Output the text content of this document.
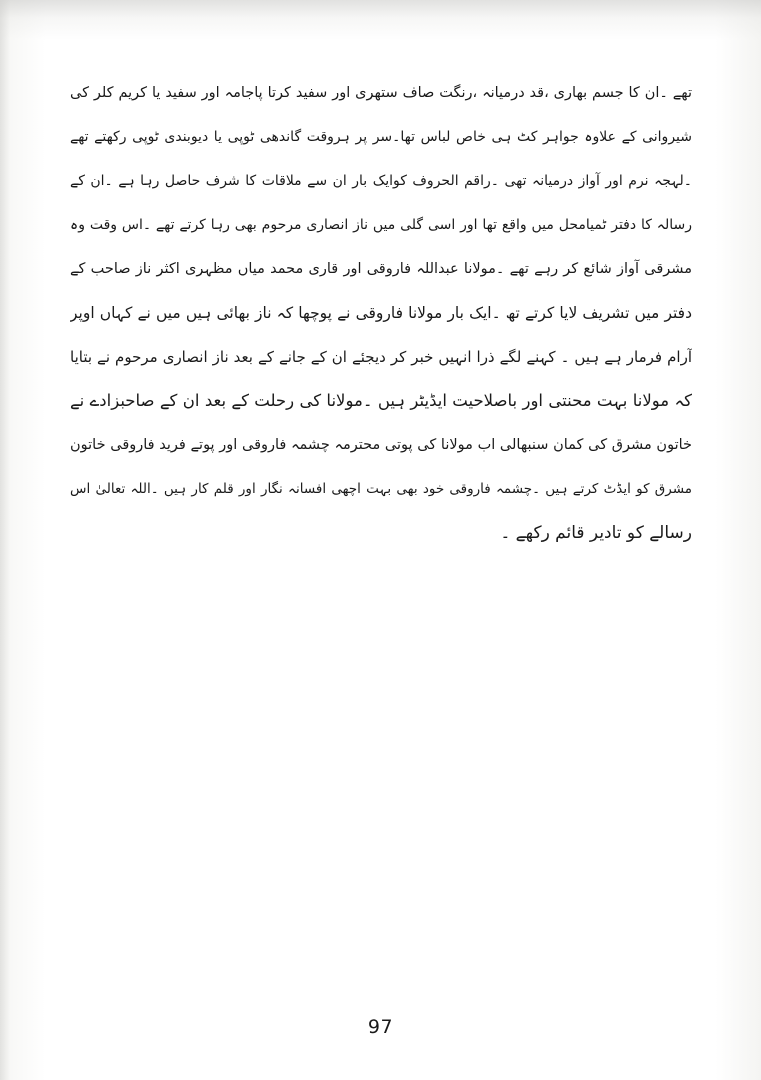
تھے ۔ان کا جسم بھاری ،قد درمیانہ ،رنگت صاف ستھری اور سفید کرتا پاجامہ اور سفید یا کریم کلر کی
شیروانی کے علاوہ جواہر کٹ ہی خاص لباس تھا۔سر پر ہروقت گاندھی ٹوپی یا دیوبندی ٹوپی رکھتے تھے
۔لہجہ نرم اور آواز درمیانہ تھی ۔راقم الحروف کوایک بار ان سے ملاقات کا شرف حاصل رہا ہے ۔ان کے
رسالہ کا دفتر ٹمیامحل میں واقع تھا اور اسی گلی میں ناز انصاری مرحوم بھی رہا کرتے تھے ۔اس وقت وہ
مشرقی آواز شائع کر رہے تھے ۔مولانا عبداللہ فاروقی اور قاری محمد میاں مظہری اکثر ناز صاحب کے
دفتر میں تشریف لایا کرتے تھ ۔ایک بار مولانا فاروقی نے پوچھا کہ ناز بھائی ہیں میں نے کہاں اوپر
آرام فرمار ہے ہیں ۔ کہنے لگے ذرا انہیں خبر کر دیجئے ان کے جانے کے بعد ناز انصاری مرحوم نے بتایا
کہ مولانا بہت محنتی اور باصلاحیت ایڈیٹر ہیں ۔مولانا کی رحلت کے بعد ان کے صاحبزادے نے
خاتون مشرق کی کمان سنبھالی اب مولانا کی پوتی محترمہ چشمہ فاروقی اور پوتے فرید فاروقی خاتون
مشرق کو ایڈٹ کرتے ہیں ۔چشمہ فاروقی خود بھی بہت اچھی افسانہ نگار اور قلم کار ہیں ۔اللہ تعالیٰ اس
رسالے کو تادیر قائم رکھے ۔
97
